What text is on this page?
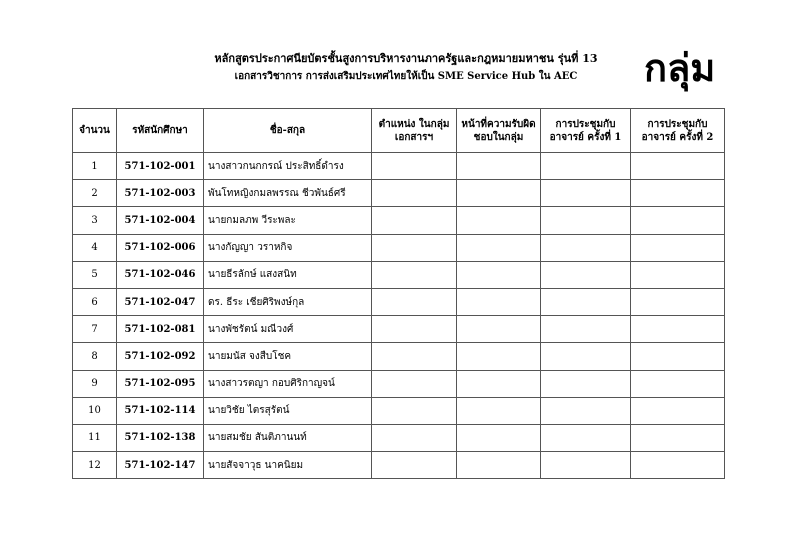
หลักสูตรประกาศนียบัตรชั้นสูงการบริหารงานภาครัฐและกฎหมายมหาชน รุ่นที่ 13
เอกสารวิชาการ การส่งเสริมประเทศไทยให้เป็น SME Service Hub ใน AEC	กลุ่ม
จำนวน	รหัสนักศึกษา	ชื่อ-สกุล	ตำแหน่ง ในกลุ่มเอกสารฯ	หน้าที่ความรับผิด ชอบในกลุ่ม	การประชุมกับ อาจารย์ ครั้งที่ 1	การประชุมกับ อาจารย์ ครั้งที่ 2
1	571-102-001	นางสาวกนกกรณ์ ประสิทธิ์ดำรง				
2	571-102-003	พันโทหญิงกมลพรรณ ชีวพันธ์ศรี				
3	571-102-004	นายกมลภพ วีระพละ				
4	571-102-006	นางกัญญา วราหกิจ				
5	571-102-046	นายธีรลักษ์ แสงสนิท				
6	571-102-047	ดร. ธีระ เชียศิริพงษ์กุล				
7	571-102-081	นางพัชรัตน์ มณีวงศ์				
8	571-102-092	นายมนัส จงสืบโชค				
9	571-102-095	นางสาวรตญา กอบศิริกาญจน์				
10	571-102-114	นายวิชัย ไตรสุรัตน์				
11	571-102-138	นายสมชัย สันติภานนท์				
12	571-102-147	นายสัจจาวุธ นาคนิยม				
